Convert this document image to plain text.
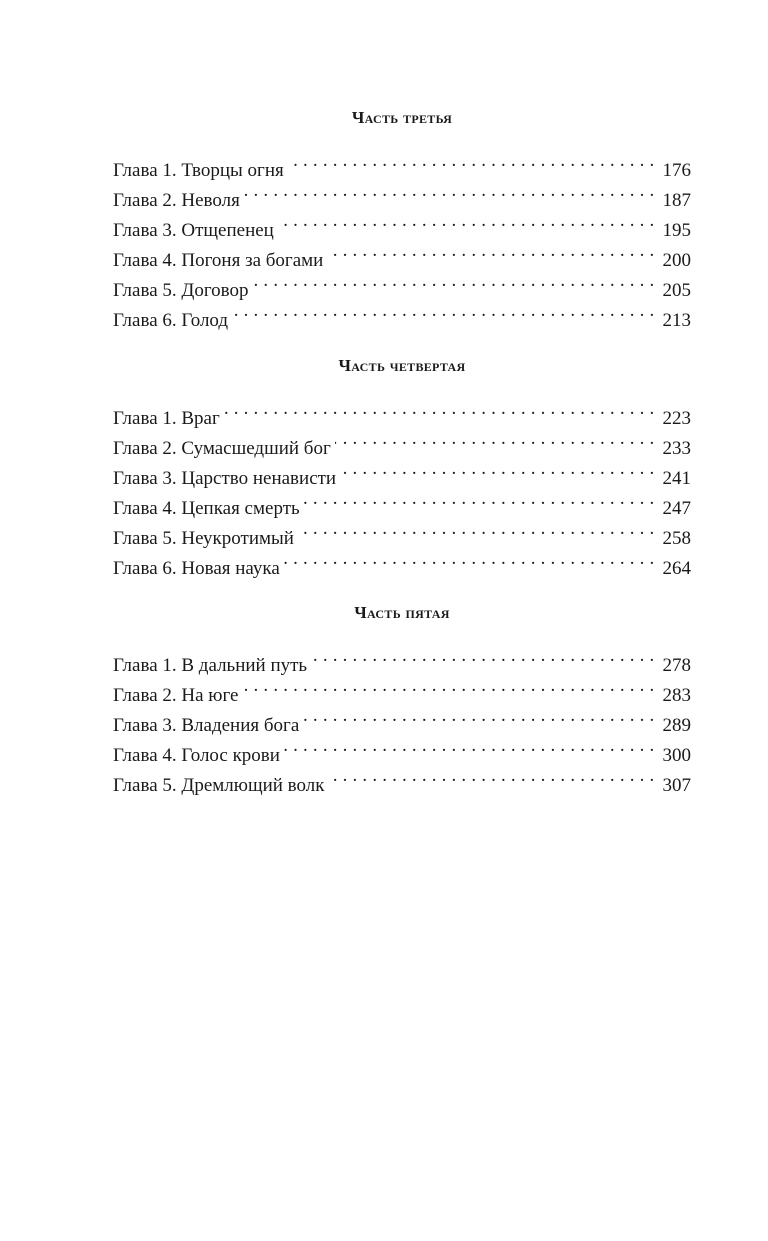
Часть третья
Глава 1. Творцы огня . . .	176
Глава 2. Неволя . . .	187
Глава 3. Отщепенец . . .	195
Глава 4. Погоня за богами . . .	200
Глава 5. Договор . . .	205
Глава 6. Голод . . .	213
Часть четвертая
Глава 1. Враг . . .	223
Глава 2. Сумасшедший бог . . .	233
Глава 3. Царство ненависти . . .	241
Глава 4. Цепкая смерть . . .	247
Глава 5. Неукротимый . . .	258
Глава 6. Новая наука . . .	264
Часть пятая
Глава 1. В дальний путь . . .	278
Глава 2. На юге . . .	283
Глава 3. Владения бога . . .	289
Глава 4. Голос крови . . .	300
Глава 5. Дремлющий волк . . .	307
